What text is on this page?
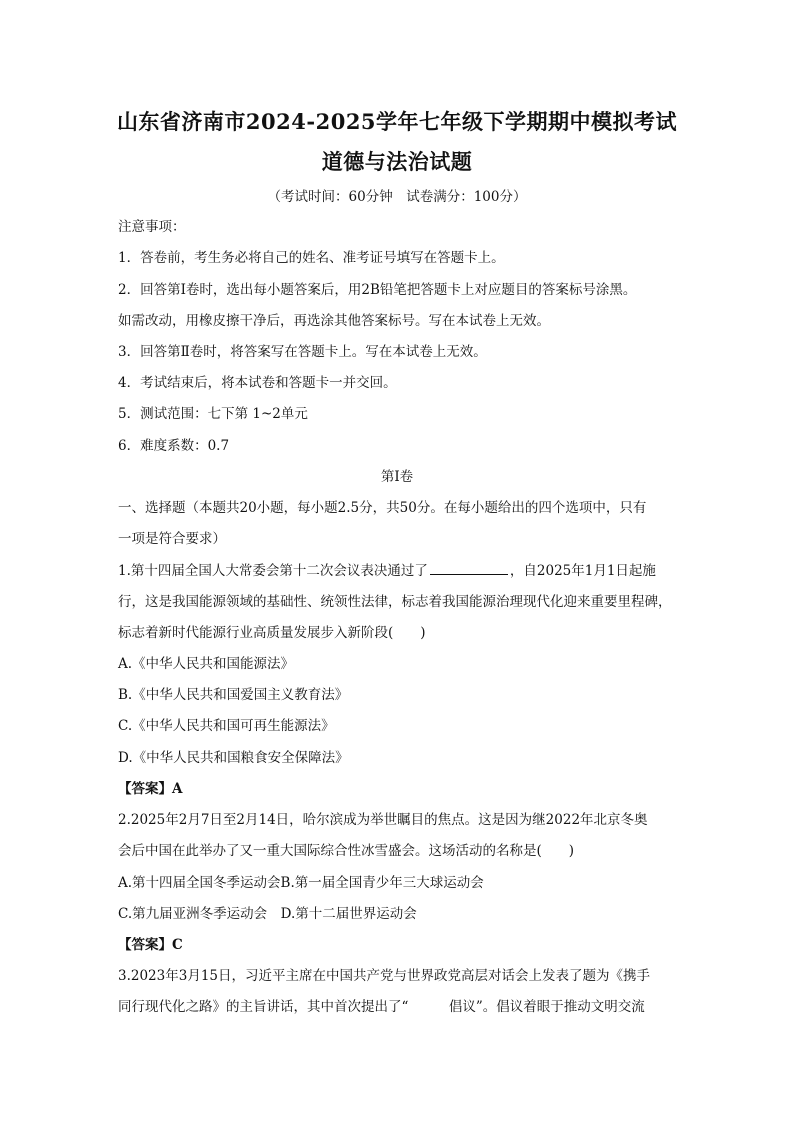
山东省济南市2024-2025学年七年级下学期期中模拟考试
道德与法治试题
（考试时间：60分钟　试卷满分：100分）
注意事项：
1．答卷前，考生务必将自己的姓名、准考证号填写在答题卡上。
2．回答第Ⅰ卷时，选出每小题答案后，用2B铅笔把答题卡上对应题目的答案标号涂黑。
如需改动，用橡皮擦干净后，再选涂其他答案标号。写在本试卷上无效。
3．回答第Ⅱ卷时，将答案写在答题卡上。写在本试卷上无效。
4．考试结束后，将本试卷和答题卡一并交回。
5．测试范围：七下第 1~2单元
6．难度系数：0.7
第Ⅰ卷
一、选择题（本题共20小题，每小题2.5分，共50分。在每小题给出的四个选项中，只有
一项是符合要求）
1.第十四届全国人大常委会第十二次会议表决通过了	，自2025年1月1日起施
行，这是我国能源领域的基础性、统领性法律，标志着我国能源治理现代化迎来重要里程碑，
标志着新时代能源行业高质量发展步入新阶段(　　)
A.《中华人民共和国能源法》
B.《中华人民共和国爱国主义教育法》
C.《中华人民共和国可再生能源法》
D.《中华人民共和国粮食安全保障法》
【答案】A
2.2025年2月7日至2月14日，哈尔滨成为举世瞩目的焦点。这是因为继2022年北京冬奥
会后中国在此举办了又一重大国际综合性冰雪盛会。这场活动的名称是(　　)
A.第十四届全国冬季运动会B.第一届全国青少年三大球运动会
C.第九届亚洲冬季运动会　D.第十二届世界运动会
【答案】C
3.2023年3月15日，习近平主席在中国共产党与世界政党高层对话会上发表了题为《携手
同行现代化之路》的主旨讲话，其中首次提出了“　　　倡议”。倡议着眼于推动文明交流
